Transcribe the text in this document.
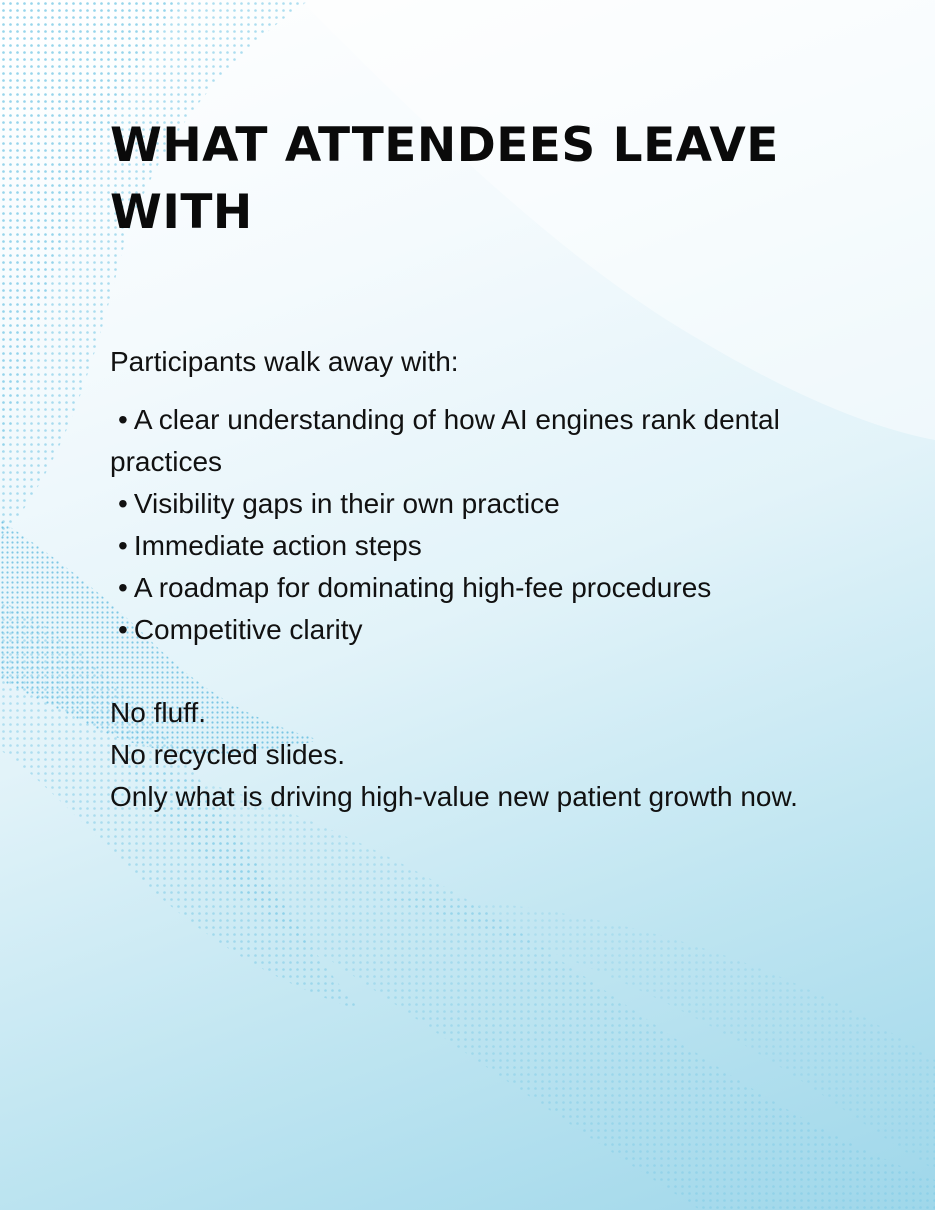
WHAT ATTENDEES LEAVE WITH

Participants walk away with:

• A clear understanding of how AI engines rank dental practices
• Visibility gaps in their own practice
• Immediate action steps
• A roadmap for dominating high-fee procedures
• Competitive clarity

No fluff.

No recycled slides.

Only what is driving high-value new patient growth now.
